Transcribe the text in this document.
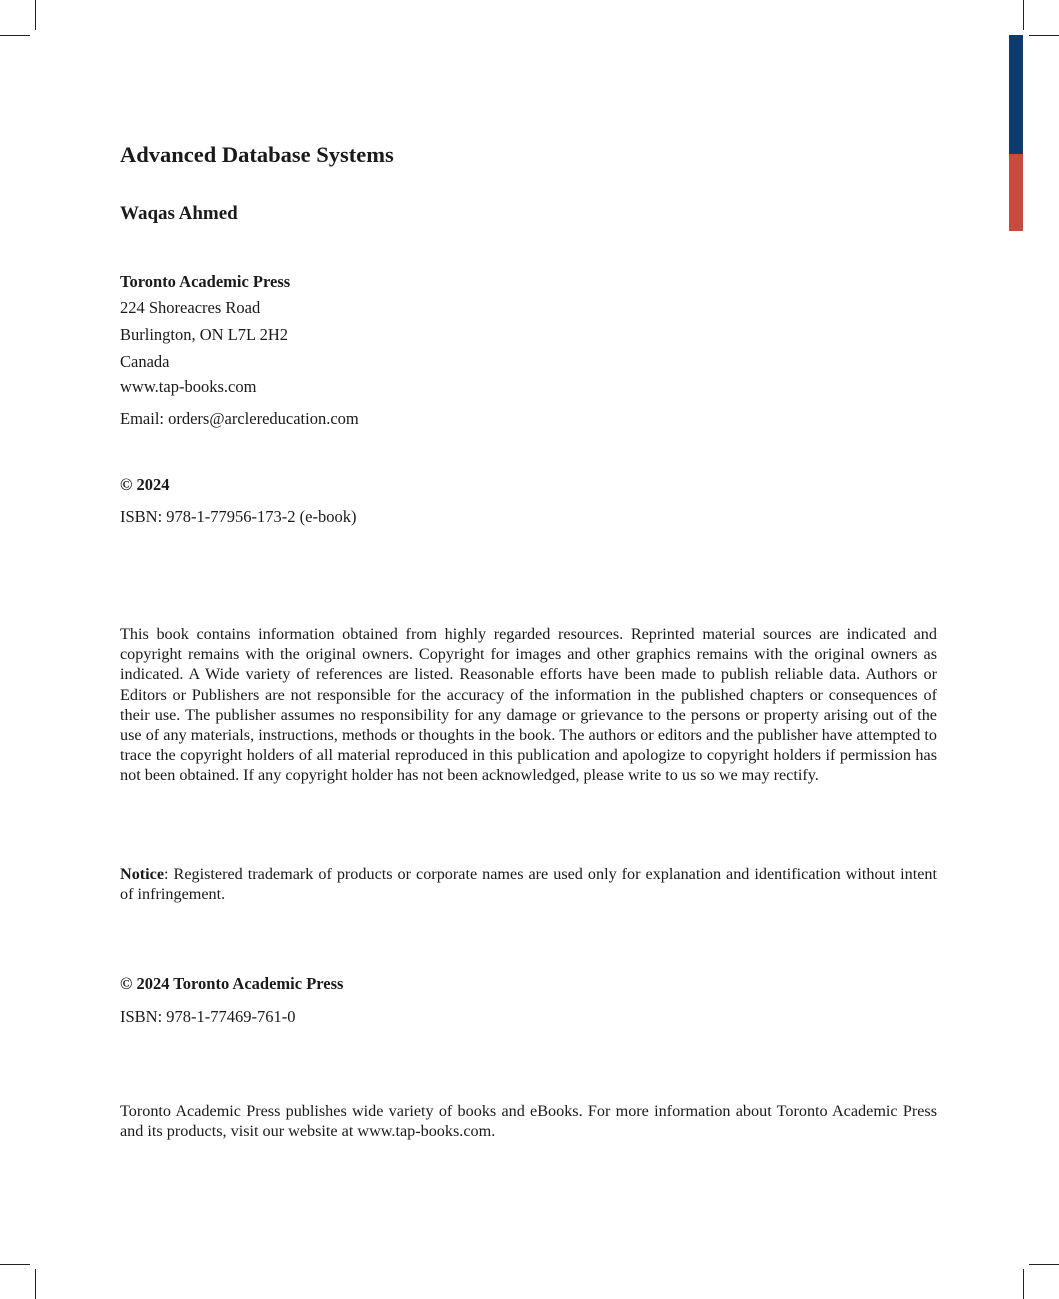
Advanced Database Systems
Waqas Ahmed
Toronto Academic Press
224 Shoreacres Road
Burlington, ON L7L 2H2
Canada
www.tap-books.com
Email: orders@arclereducation.com
© 2024
ISBN: 978-1-77956-173-2 (e-book)

This book contains information obtained from highly regarded resources. Reprinted material sources are indicated and copyright remains with the original owners. Copyright for images and other graphics remains with the original owners as indicated. A Wide variety of references are listed. Reasonable efforts have been made to publish reliable data. Authors or Editors or Publishers are not responsible for the accuracy of the information in the published chapters or consequences of their use. The publisher assumes no responsibility for any damage or grievance to the persons or property arising out of the use of any materials, instructions, methods or thoughts in the book. The authors or editors and the publisher have attempted to trace the copyright holders of all material reproduced in this publication and apologize to copyright holders if permission has not been obtained. If any copyright holder has not been acknowledged, please write to us so we may rectify.

Notice: Registered trademark of products or corporate names are used only for explanation and identification without intent of infringement.

© 2024 Toronto Academic Press
ISBN: 978-1-77469-761-0

Toronto Academic Press publishes wide variety of books and eBooks. For more information about Toronto Academic Press and its products, visit our website at www.tap-books.com.
